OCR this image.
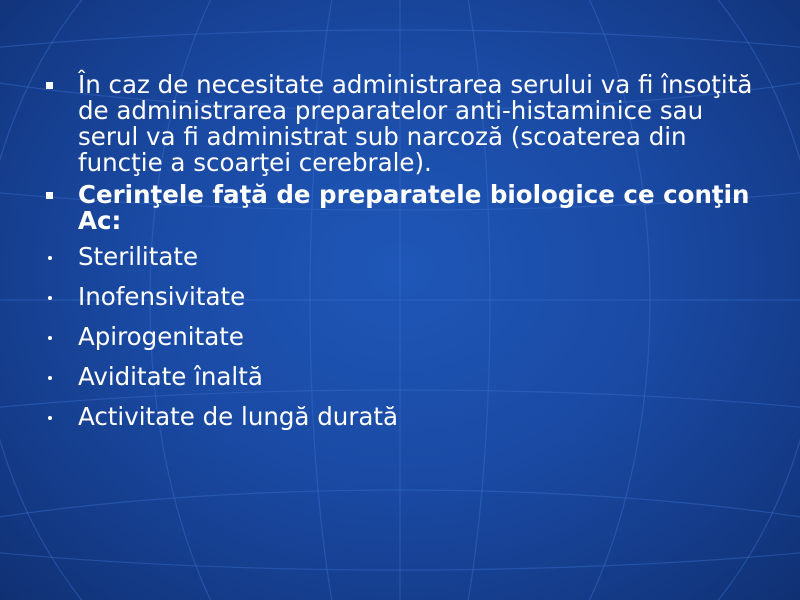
În caz de necesitate administrarea serului va fi însoţită de administrarea preparatelor anti-histaminice sau serul va fi administrat sub narcoză (scoaterea din funcţie a scoarţei cerebrale).

Cerinţele faţă de preparatele biologice ce conţin Ac:

Sterilitate

Inofensivitate

Apirogenitate

Aviditate înaltă

Activitate de lungă durată
